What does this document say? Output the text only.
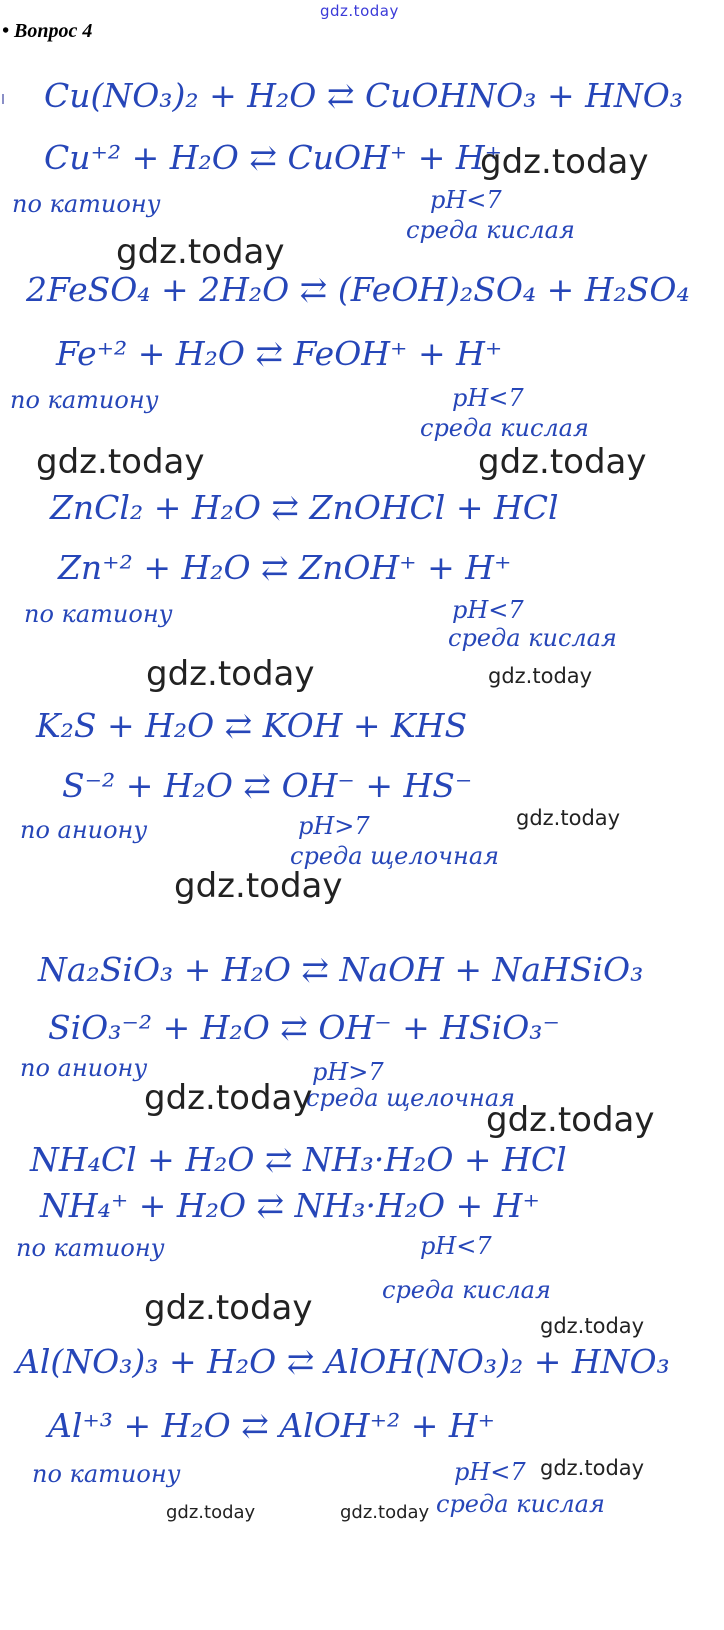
• Вопрос 4
gdz.today
Cu(NO₃)₂ + H₂O ⇄ CuOHNO₃ + HNO₃
Cu⁺² + H₂O ⇄ CuOH⁺ + H⁺
по катиону	pH<7
среда кислая
2FeSO₄ + 2H₂O ⇄ (FeOH)₂SO₄ + H₂SO₄
Fe⁺² + H₂O ⇄ FeOH⁺ + H⁺
по катиону	pH<7
среда кислая
ZnCl₂ + H₂O ⇄ ZnOHCl + HCl
Zn⁺² + H₂O ⇄ ZnOH⁺ + H⁺
по катиону	pH<7
среда кислая
K₂S + H₂O ⇄ KOH + KHS
S⁻² + H₂O ⇄ OH⁻ + HS⁻
по аниону	pH>7
среда щелочная
Na₂SiO₃ + H₂O ⇄ NaOH + NaHSiO₃
SiO₃⁻² + H₂O ⇄ OH⁻ + HSiO₃⁻
по аниону	pH>7
среда щелочная
NH₄Cl + H₂O ⇄ NH₃·H₂O + HCl
NH₄⁺ + H₂O ⇄ NH₃·H₂O + H⁺
по катиону	pH<7
среда кислая
Al(NO₃)₃ + H₂O ⇄ AlOH(NO₃)₂ + HNO₃
Al⁺³ + H₂O ⇄ AlOH⁺² + H⁺
по катиону	pH<7
среда кислая
gdz.today
gdz.today
gdz.today	gdz.today
gdz.today	gdz.today
gdz.today
gdz.today
gdz.today
gdz.today
gdz.today	gdz.today
gdz.today
gdz.today	gdz.today
